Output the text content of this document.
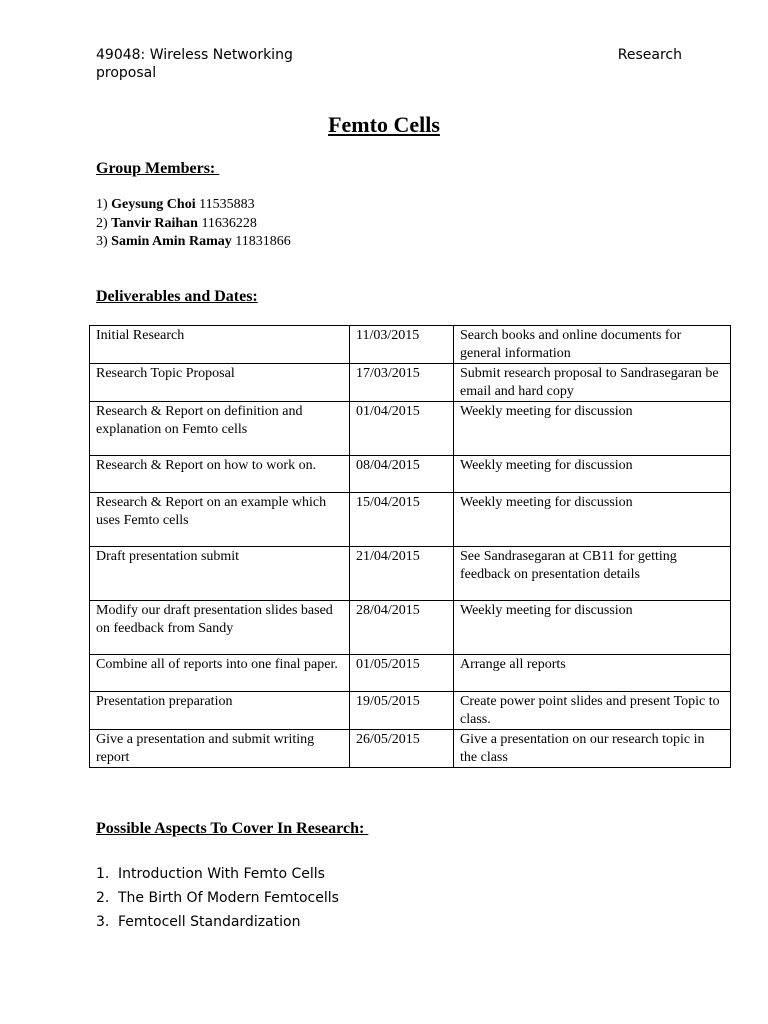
49048: Wireless Networking	Research
proposal
Femto Cells
Group Members:
1) Geysung Choi 11535883
2) Tanvir Raihan 11636228
3) Samin Amin Ramay 11831866
Deliverables and Dates:
Initial Research	11/03/2015	Search books and online documents for general information
Research Topic Proposal	17/03/2015	Submit research proposal to Sandrasegaran be email and hard copy
Research & Report on definition and explanation on Femto cells	01/04/2015	Weekly meeting for discussion
Research & Report on how to work on.	08/04/2015	Weekly meeting for discussion
Research & Report on an example which uses Femto cells	15/04/2015	Weekly meeting for discussion
Draft presentation submit	21/04/2015	See Sandrasegaran at CB11 for getting feedback on presentation details
Modify our draft presentation slides based on feedback from Sandy	28/04/2015	Weekly meeting for discussion
Combine all of reports into one final paper.	01/05/2015	Arrange all reports
Presentation preparation	19/05/2015	Create power point slides and present Topic to class.
Give a presentation and submit writing report	26/05/2015	Give a presentation on our research topic in the class
Possible Aspects To Cover In Research:
1. Introduction With Femto Cells
2. The Birth Of Modern Femtocells
3. Femtocell Standardization
